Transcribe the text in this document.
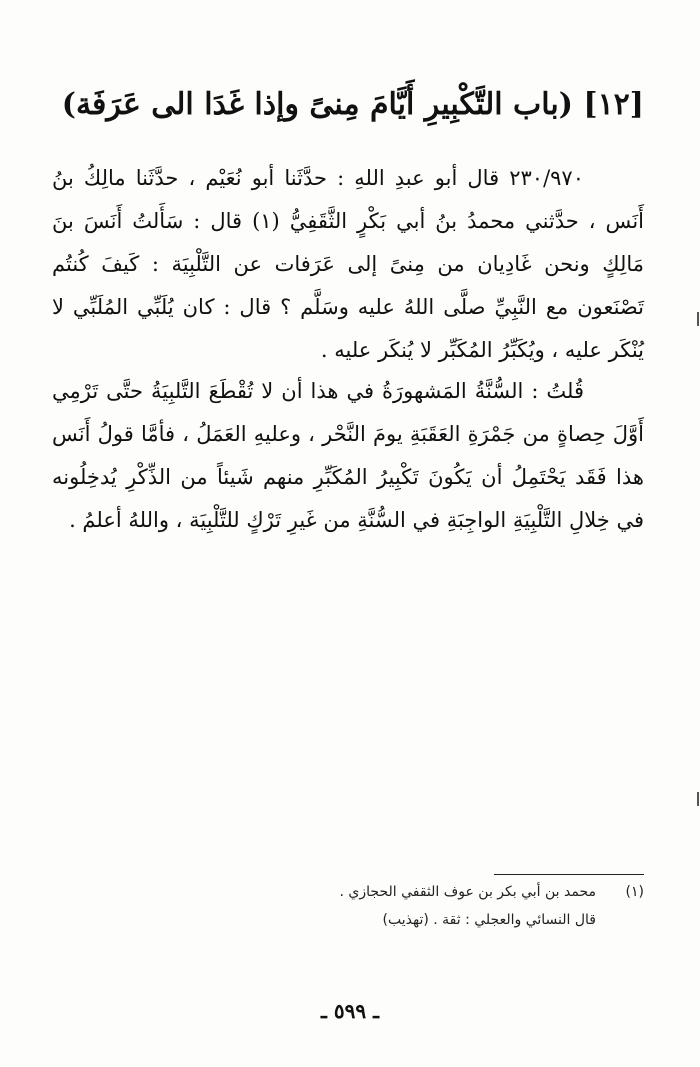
[١٢] (باب التَّكْبِيرِ أَيَّامَ مِنىً وإذا غَدَا الى عَرَفَة)
٢٣٠/٩٧٠ قال أبو عبدِ اللهِ : حدَّثَنا أبو نُعَيْم ، حدَّثَنا مالِكُ بنُ أَنَس ، حدَّثني محمدُ بنُ أبي بَكْرٍ الثَّقَفِيُّ (١) قال : سَأَلتُ أَنَسَ بنَ مَالِكٍ ونحن غَادِيان من مِنىً إلى عَرَفات عن التَّلْبِيَة : كَيفَ كُنتُم تَصْنَعون مع النَّبِيِّ صلَّى اللهُ عليه وسَلَّم ؟ قال : كان يُلَبِّي المُلَبِّي لا يُنْكَر عليه ، ويُكَبِّرُ المُكَبِّر لا يُنكَر عليه .
قُلتُ : السُّنَّةُ المَشهورَةُ في هذا أن لا تُقْطَعَ التَّلبِيَةُ حتَّى تَرْمِي أَوَّلَ حِصاةٍ من جَمْرَةِ العَقَبَةِ يومَ النَّحْر ، وعليهِ العَمَلُ ، فأمَّا قولُ أَنَس هذا فَقَد يَحْتَمِلُ أن يَكُونَ تَكْبِيرُ المُكَبِّرِ منهم شَيئاً من الذِّكْرِ يُدخِلُونه في خِلالِ التَّلْبِيَةِ الواجِبَةِ في السُّنَّةِ من غَيرِ تَرْكٍ للتَّلْبِيَة ، واللهُ أعلمُ .
(١)محمد بن أبي بكر بن عوف الثقفي الحجازي .
قال النسائي والعجلي : ثقة . (تهذيب)
ـ ٥٩٩ ـ
